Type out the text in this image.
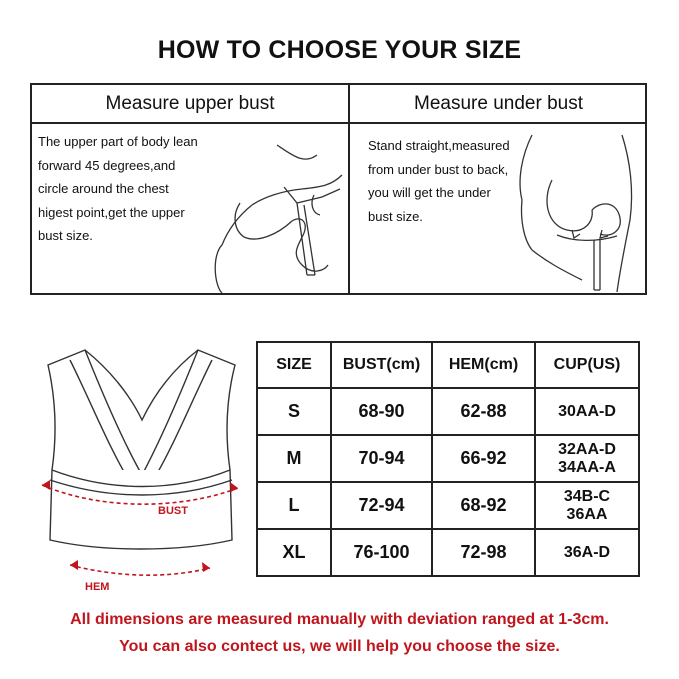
HOW TO CHOOSE YOUR SIZE
Measure upper bust	Measure under bust
The upper part of body lean
forward 45 degrees,and
circle around the chest
higest point,get the upper
bust size.
Stand straight,measured
from under bust to back,
you will get the under
bust size.
BUST
HEM
SIZE	BUST(cm)	HEM(cm)	CUP(US)
S	68-90	62-88	30AA-D

M	70-94	66-92	32AA-D
34AA-A

L	72-94	68-92	34B-C
36AA

XL	76-100	72-98	36A-D
All dimensions are measured manually with deviation ranged at 1-3cm.
You can also contect us, we will help you choose the size.
